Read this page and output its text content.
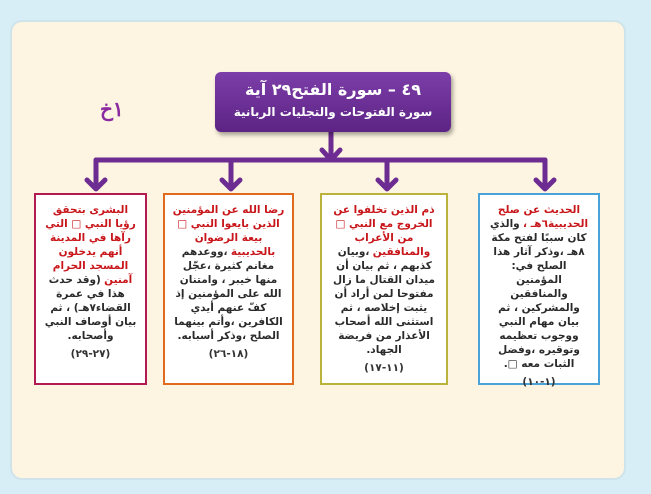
١خ
٤٩ – سورة الفتح٢٩ آية
سورة الفتوحات والتجليات الربانية
الحديث عن صلح الحديبية٦هـ ، والذي كان سببًا لفتح مكة ٨هـ ،وذكر آثار هذا الصلح في: المؤمنين والمنافقين والمشركين ، ثم بيان مهام النبي ووجوب تعظيمه وتوقيره ،وفضل الثبات معه □.
(١-١٠)
ذم الذين تخلفوا عن الخروج مع النبي □ من الأعراب والمنافقين ،وبيان كذبهم ، ثم بيان أن ميدان القتال ما زال مفتوحا لمن أراد أن يثبت إخلاصه ، ثم استثنى الله أصحاب الأعذار من فريضة الجهاد.
(١١-١٧)
رضا الله عن المؤمنين الذين بايعوا النبي □ بيعة الرضوان بالحديبية ،ووعدهم مغانم كثيرة ،عجّل منها خيبر ، وامتنان الله على المؤمنين إذ كفّ عنهم أيدي الكافرين ،وأتم بينهما الصلح ،وذكر أسبابه.
(١٨-٢٦)
البشرى بتحقق رؤيا النبي □ التي رآها في المدينة أنهم يدخلون المسجد الحرام آمنين (وقد حدث هذا في عمرة القضاء٧هـ) ، ثم بيان أوصاف النبي وأصحابه.
(٢٧-٢٩)
